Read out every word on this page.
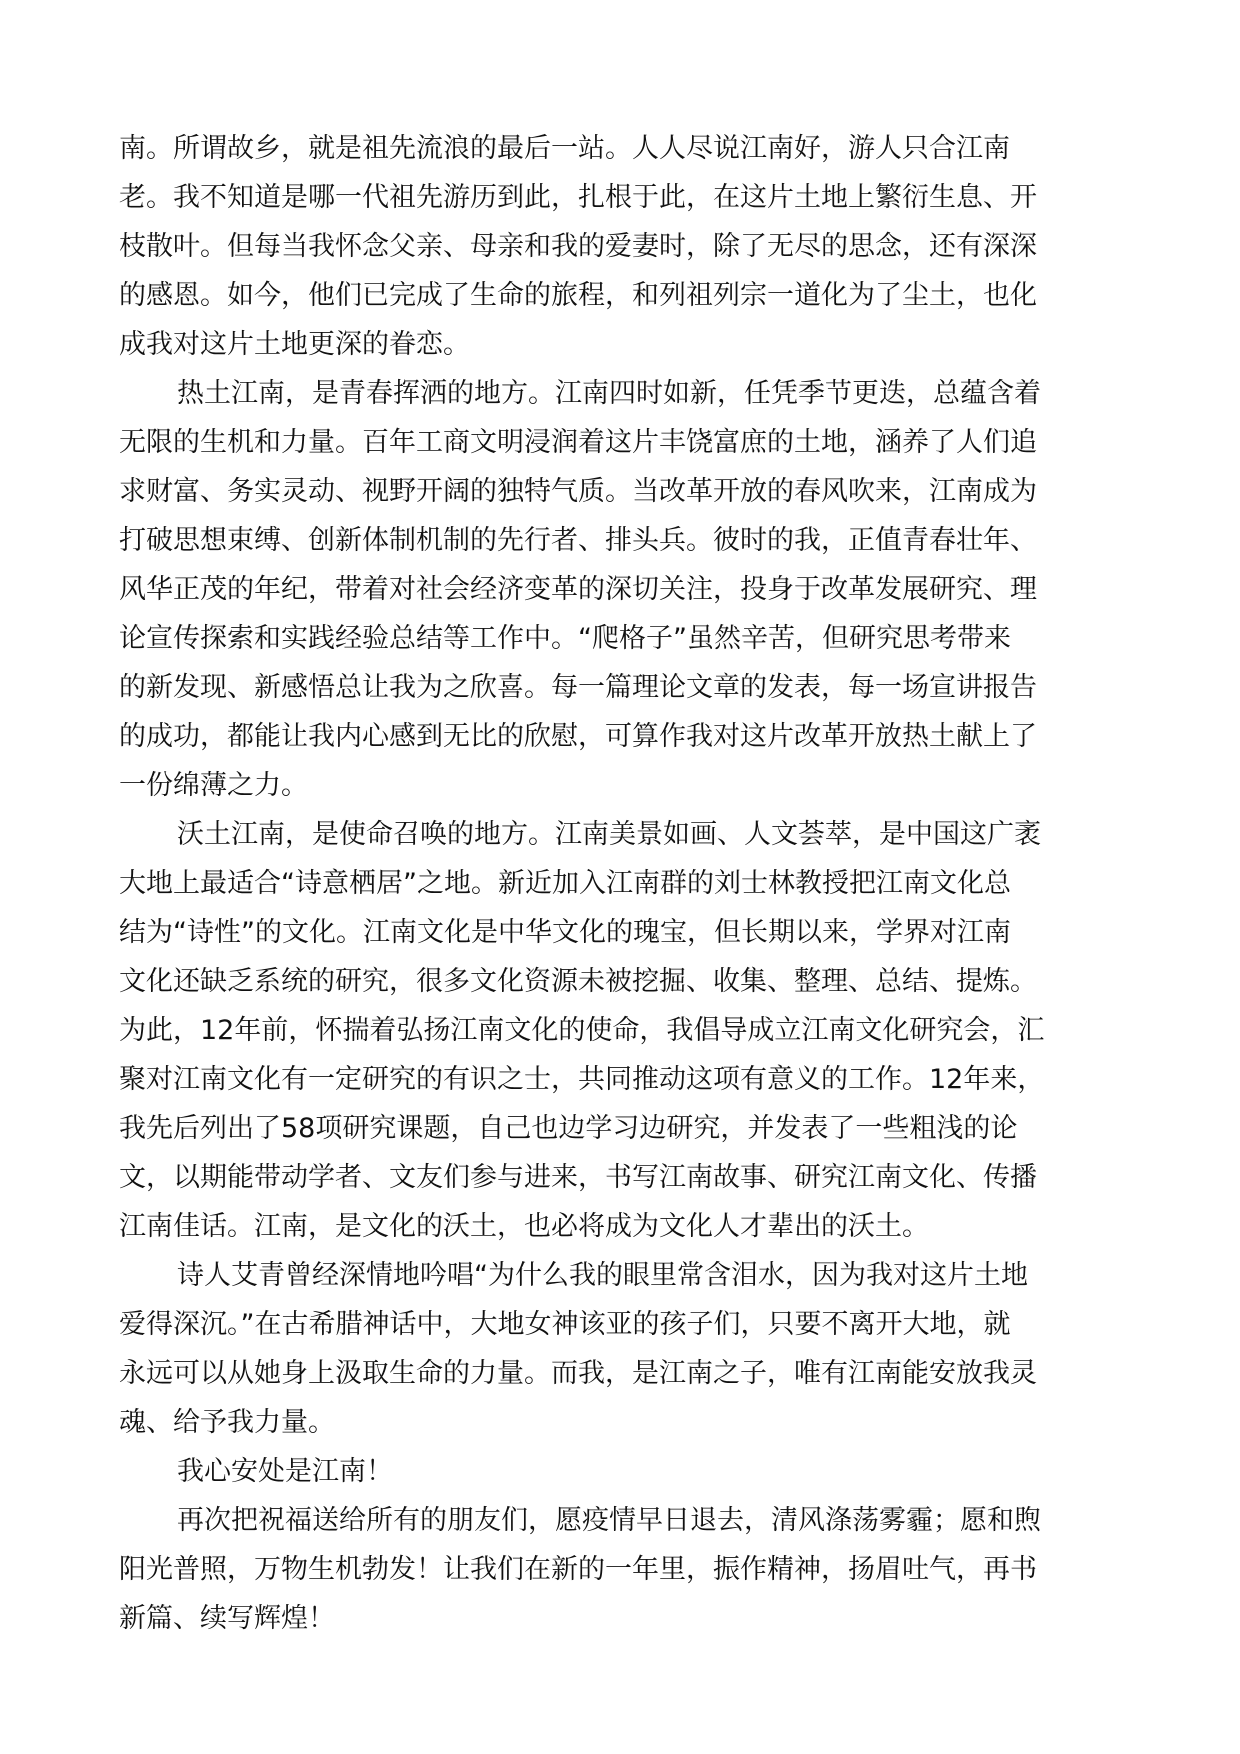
南。所谓故乡，就是祖先流浪的最后一站。人人尽说江南好，游人只合江南
老。我不知道是哪一代祖先游历到此，扎根于此，在这片土地上繁衍生息、开
枝散叶。但每当我怀念父亲、母亲和我的爱妻时，除了无尽的思念，还有深深
的感恩。如今，他们已完成了生命的旅程，和列祖列宗一道化为了尘土，也化
成我对这片土地更深的眷恋。
热土江南，是青春挥洒的地方。江南四时如新，任凭季节更迭，总蕴含着
无限的生机和力量。百年工商文明浸润着这片丰饶富庶的土地，涵养了人们追
求财富、务实灵动、视野开阔的独特气质。当改革开放的春风吹来，江南成为
打破思想束缚、创新体制机制的先行者、排头兵。彼时的我，正值青春壮年、
风华正茂的年纪，带着对社会经济变革的深切关注，投身于改革发展研究、理
论宣传探索和实践经验总结等工作中。“爬格子”虽然辛苦，但研究思考带来
的新发现、新感悟总让我为之欣喜。每一篇理论文章的发表，每一场宣讲报告
的成功，都能让我内心感到无比的欣慰，可算作我对这片改革开放热土献上了
一份绵薄之力。
沃土江南，是使命召唤的地方。江南美景如画、人文荟萃，是中国这广袤
大地上最适合“诗意栖居”之地。新近加入江南群的刘士林教授把江南文化总
结为“诗性”的文化。江南文化是中华文化的瑰宝，但长期以来，学界对江南
文化还缺乏系统的研究，很多文化资源未被挖掘、收集、整理、总结、提炼。
为此，12年前，怀揣着弘扬江南文化的使命，我倡导成立江南文化研究会，汇
聚对江南文化有一定研究的有识之士，共同推动这项有意义的工作。12年来，
我先后列出了58项研究课题，自己也边学习边研究，并发表了一些粗浅的论
文，以期能带动学者、文友们参与进来，书写江南故事、研究江南文化、传播
江南佳话。江南，是文化的沃土，也必将成为文化人才辈出的沃土。
诗人艾青曾经深情地吟唱“为什么我的眼里常含泪水，因为我对这片土地
爱得深沉。”在古希腊神话中，大地女神该亚的孩子们，只要不离开大地，就
永远可以从她身上汲取生命的力量。而我，是江南之子，唯有江南能安放我灵
魂、给予我力量。
我心安处是江南！
再次把祝福送给所有的朋友们，愿疫情早日退去，清风涤荡雾霾；愿和煦
阳光普照，万物生机勃发！让我们在新的一年里，振作精神，扬眉吐气，再书
新篇、续写辉煌！
